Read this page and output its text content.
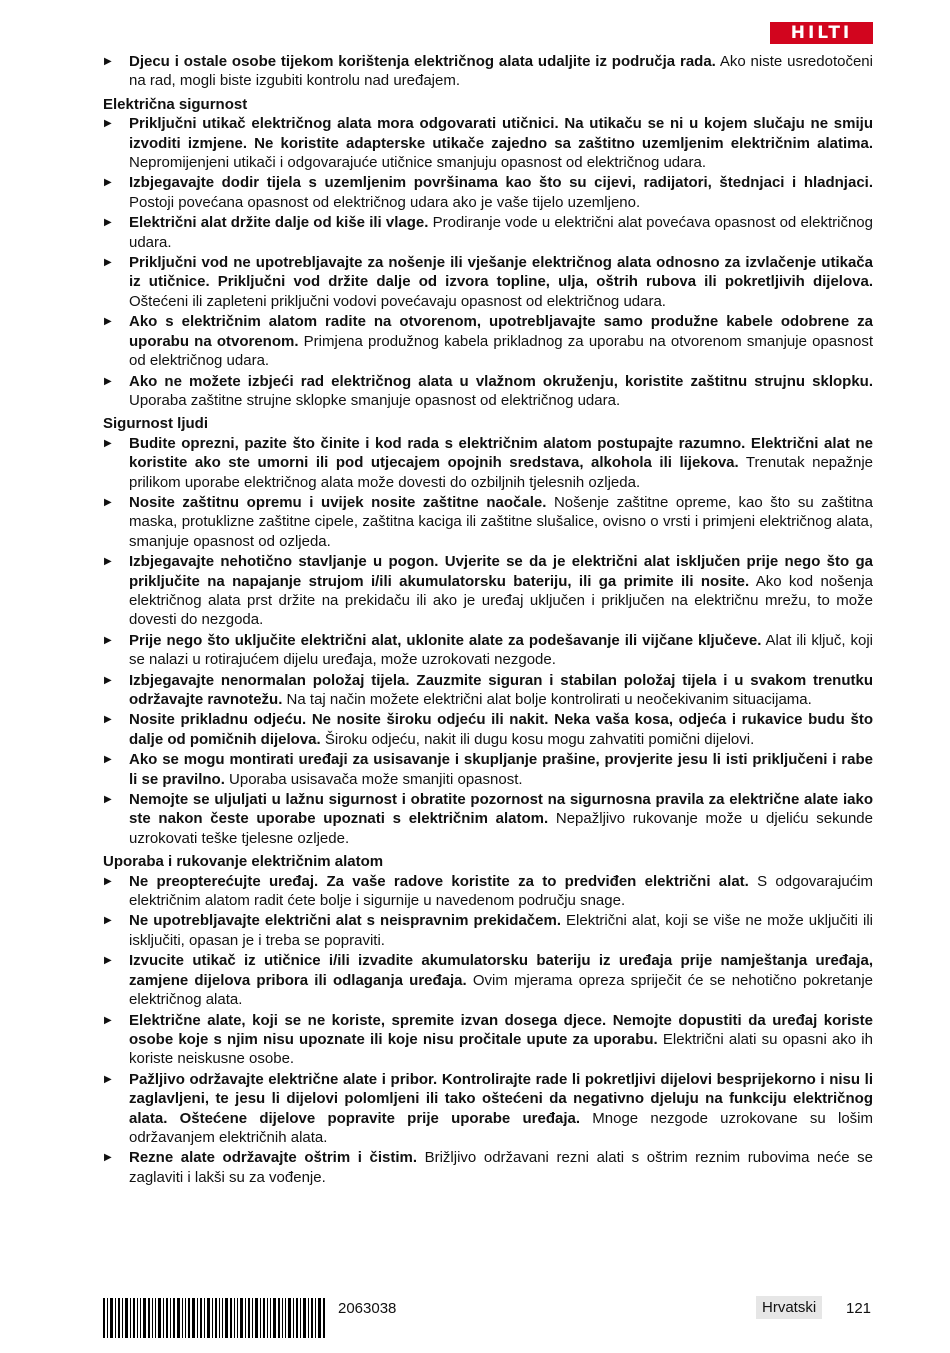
HILTI
▶ Djecu i ostale osobe tijekom korištenja električnog alata udaljite iz područja rada. Ako niste usredotočeni na rad, mogli biste izgubiti kontrolu nad uređajem.
Električna sigurnost
▶ Priključni utikač električnog alata mora odgovarati utičnici. Na utikaču se ni u kojem slučaju ne smiju izvoditi izmjene. Ne koristite adapterske utikače zajedno sa zaštitno uzemljenim električnim alatima. Nepromijenjeni utikači i odgovarajuće utičnice smanjuju opasnost od električnog udara.
▶ Izbjegavajte dodir tijela s uzemljenim površinama kao što su cijevi, radijatori, štednjaci i hladnjaci. Postoji povećana opasnost od električnog udara ako je vaše tijelo uzemljeno.
▶ Električni alat držite dalje od kiše ili vlage. Prodiranje vode u električni alat povećava opasnost od električnog udara.
▶ Priključni vod ne upotrebljavajte za nošenje ili vješanje električnog alata odnosno za izvlačenje utikača iz utičnice. Priključni vod držite dalje od izvora topline, ulja, oštrih rubova ili pokretljivih dijelova. Oštećeni ili zapleteni priključni vodovi povećavaju opasnost od električnog udara.
▶ Ako s električnim alatom radite na otvorenom, upotrebljavajte samo produžne kabele odobrene za uporabu na otvorenom. Primjena produžnog kabela prikladnog za uporabu na otvorenom smanjuje opasnost od električnog udara.
▶ Ako ne možete izbjeći rad električnog alata u vlažnom okruženju, koristite zaštitnu strujnu sklopku. Uporaba zaštitne strujne sklopke smanjuje opasnost od električnog udara.
Sigurnost ljudi
▶ Budite oprezni, pazite što činite i kod rada s električnim alatom postupajte razumno. Električni alat ne koristite ako ste umorni ili pod utjecajem opojnih sredstava, alkohola ili lijekova. Trenutak nepažnje prilikom uporabe električnog alata može dovesti do ozbiljnih tjelesnih ozljeda.
▶ Nosite zaštitnu opremu i uvijek nosite zaštitne naočale. Nošenje zaštitne opreme, kao što su zaštitna maska, protuklizne zaštitne cipele, zaštitna kaciga ili zaštitne slušalice, ovisno o vrsti i primjeni električnog alata, smanjuje opasnost od ozljeda.
▶ Izbjegavajte nehotično stavljanje u pogon. Uvjerite se da je električni alat isključen prije nego što ga priključite na napajanje strujom i/ili akumulatorsku bateriju, ili ga primite ili nosite. Ako kod nošenja električnog alata prst držite na prekidaču ili ako je uređaj uključen i priključen na električnu mrežu, to može dovesti do nezgoda.
▶ Prije nego što uključite električni alat, uklonite alate za podešavanje ili vijčane ključeve. Alat ili ključ, koji se nalazi u rotirajućem dijelu uređaja, može uzrokovati nezgode.
▶ Izbjegavajte nenormalan položaj tijela. Zauzmite siguran i stabilan položaj tijela i u svakom trenutku održavajte ravnotežu. Na taj način možete električni alat bolje kontrolirati u neočekivanim situacijama.
▶ Nosite prikladnu odjeću. Ne nosite široku odjeću ili nakit. Neka vaša kosa, odjeća i rukavice budu što dalje od pomičnih dijelova. Široku odjeću, nakit ili dugu kosu mogu zahvatiti pomični dijelovi.
▶ Ako se mogu montirati uređaji za usisavanje i skupljanje prašine, provjerite jesu li isti priključeni i rabe li se pravilno. Uporaba usisavača može smanjiti opasnost.
▶ Nemojte se uljuljati u lažnu sigurnost i obratite pozornost na sigurnosna pravila za električne alate iako ste nakon česte uporabe upoznati s električnim alatom. Nepažljivo rukovanje može u djeliću sekunde uzrokovati teške tjelesne ozljede.
Uporaba i rukovanje električnim alatom
▶ Ne preopterećujte uređaj. Za vaše radove koristite za to predviđen električni alat. S odgovarajućim električnim alatom radit ćete bolje i sigurnije u navedenom području snage.
▶ Ne upotrebljavajte električni alat s neispravnim prekidačem. Električni alat, koji se više ne može uključiti ili isključiti, opasan je i treba se popraviti.
▶ Izvucite utikač iz utičnice i/ili izvadite akumulatorsku bateriju iz uređaja prije namještanja uređaja, zamjene dijelova pribora ili odlaganja uređaja. Ovim mjerama opreza spriječit će se nehotično pokretanje električnog alata.
▶ Električne alate, koji se ne koriste, spremite izvan dosega djece. Nemojte dopustiti da uređaj koriste osobe koje s njim nisu upoznate ili koje nisu pročitale upute za uporabu. Električni alati su opasni ako ih koriste neiskusne osobe.
▶ Pažljivo održavajte električne alate i pribor. Kontrolirajte rade li pokretljivi dijelovi besprijekorno i nisu li zaglavljeni, te jesu li dijelovi polomljeni ili tako oštećeni da negativno djeluju na funkciju električnog alata. Oštećene dijelove popravite prije uporabe uređaja. Mnoge nezgode uzrokovane su lošim održavanjem električnih alata.
▶ Rezne alate održavajte oštrim i čistim. Brižljivo održavani rezni alati s oštrim reznim rubovima neće se zaglaviti i lakši su za vođenje.
2063038	Hrvatski	121
